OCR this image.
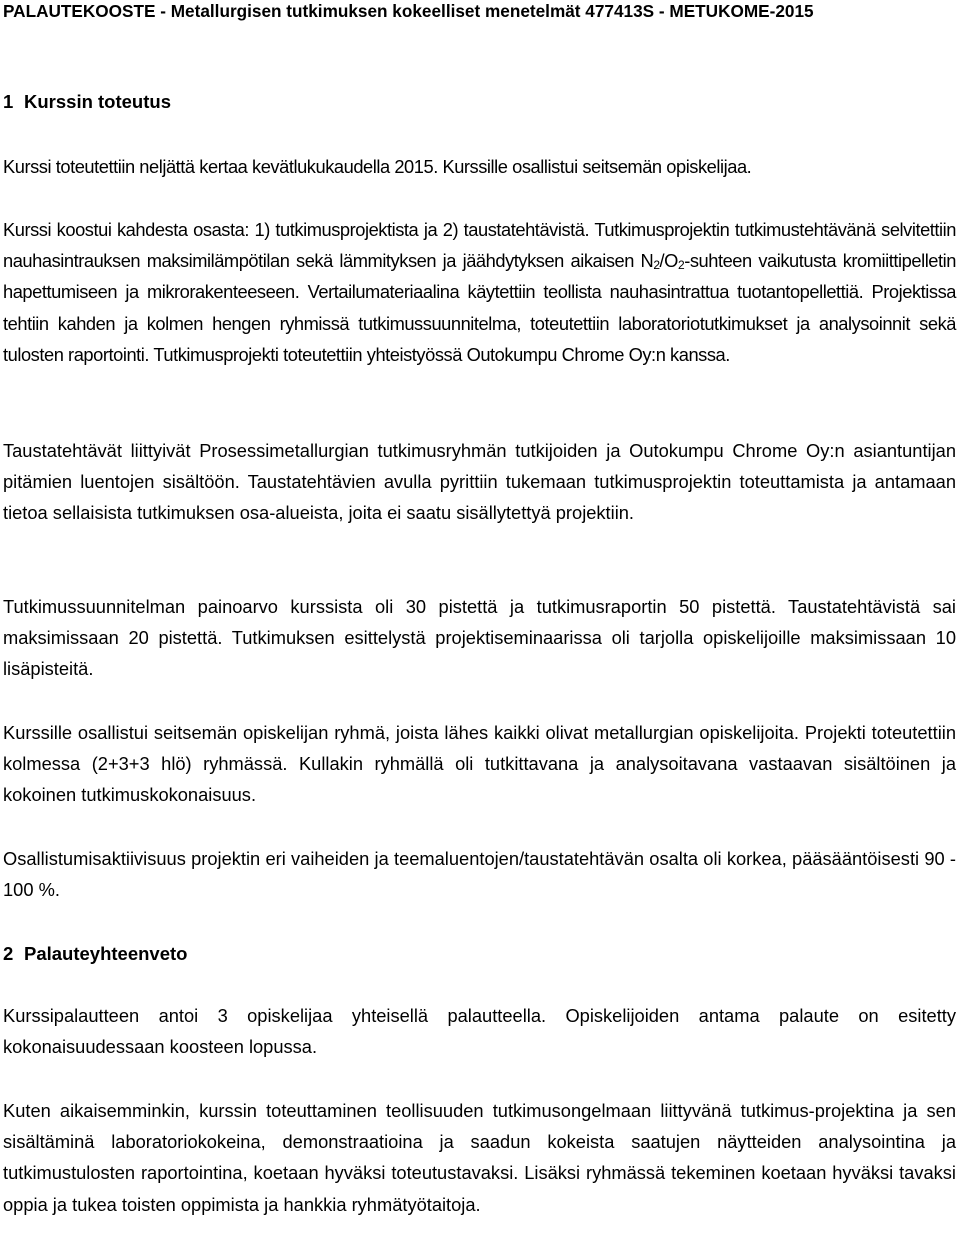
PALAUTEKOOSTE - Metallurgisen tutkimuksen kokeelliset menetelmät 477413S - METUKOME-2015
1 Kurssin toteutus

Kurssi toteutettiin neljättä kertaa kevätlukukaudella 2015. Kurssille osallistui seitsemän opiskelijaa.

Kurssi koostui kahdesta osasta: 1) tutkimusprojektista ja 2) taustatehtävistä. Tutkimusprojektin tutkimustehtävänä selvitettiin nauhasintrauksen maksimilämpötilan sekä lämmityksen ja jäähdytyksen aikaisen $N_2/O_2$-suhteen vaikutusta kromiittipelletin hapettumiseen ja mikrorakenteeseen. Vertailumateriaalina käytettiin teollista nauhasintrattua tuotantopellettiä. Projektissa tehtiin kahden ja kolmen hengen ryhmissä tutkimussuunnitelma, toteutettiin laboratoriotutkimukset ja analysoinnit sekä tulosten raportointi. Tutkimusprojekti toteutettiin yhteistyössä Outokumpu Chrome Oy:n kanssa.

Taustatehtävät liittyivät Prosessimetallurgian tutkimusryhmän tutkijoiden ja Outokumpu Chrome Oy:n asiantuntijan pitämien luentojen sisältöön. Taustatehtävien avulla pyrittiin tukemaan tutkimusprojektin toteuttamista ja antamaan tietoa sellaisista tutkimuksen osa-alueista, joita ei saatu sisällytettyä projektiin.

Tutkimussuunnitelman painoarvo kurssista oli 30 pistettä ja tutkimusraportin 50 pistettä. Taustatehtävistä sai maksimissaan 20 pistettä. Tutkimuksen esittelystä projektiseminaarissa oli tarjolla opiskelijoille maksimissaan 10 lisäpisteitä.

Kurssille osallistui seitsemän opiskelijan ryhmä, joista lähes kaikki olivat metallurgian opiskelijoita. Projekti toteutettiin kolmessa (2+3+3 hlö) ryhmässä. Kullakin ryhmällä oli tutkittavana ja analysoitavana vastaavan sisältöinen ja kokoinen tutkimuskokonaisuus.

Osallistumisaktiivisuus projektin eri vaiheiden ja teemaluentojen/taustatehtävän osalta oli korkea, pääsääntöisesti 90 - 100 %.

2 Palauteyhteenveto

Kurssipalautteen antoi 3 opiskelijaa yhteisellä palautteella. Opiskelijoiden antama palaute on esitetty kokonaisuudessaan koosteen lopussa.

Kuten aikaisemminkin, kurssin toteuttaminen teollisuuden tutkimusongelmaan liittyvänä tutkimus-projektina ja sen sisältäminä laboratoriokokeina, demonstraatioina ja saadun kokeista saatujen näytteiden analysointina ja tutkimustulosten raportointina, koetaan hyväksi toteutustavaksi. Lisäksi ryhmässä tekeminen koetaan hyväksi tavaksi oppia ja tukea toisten oppimista ja hankkia ryhmätyötaitoja.
